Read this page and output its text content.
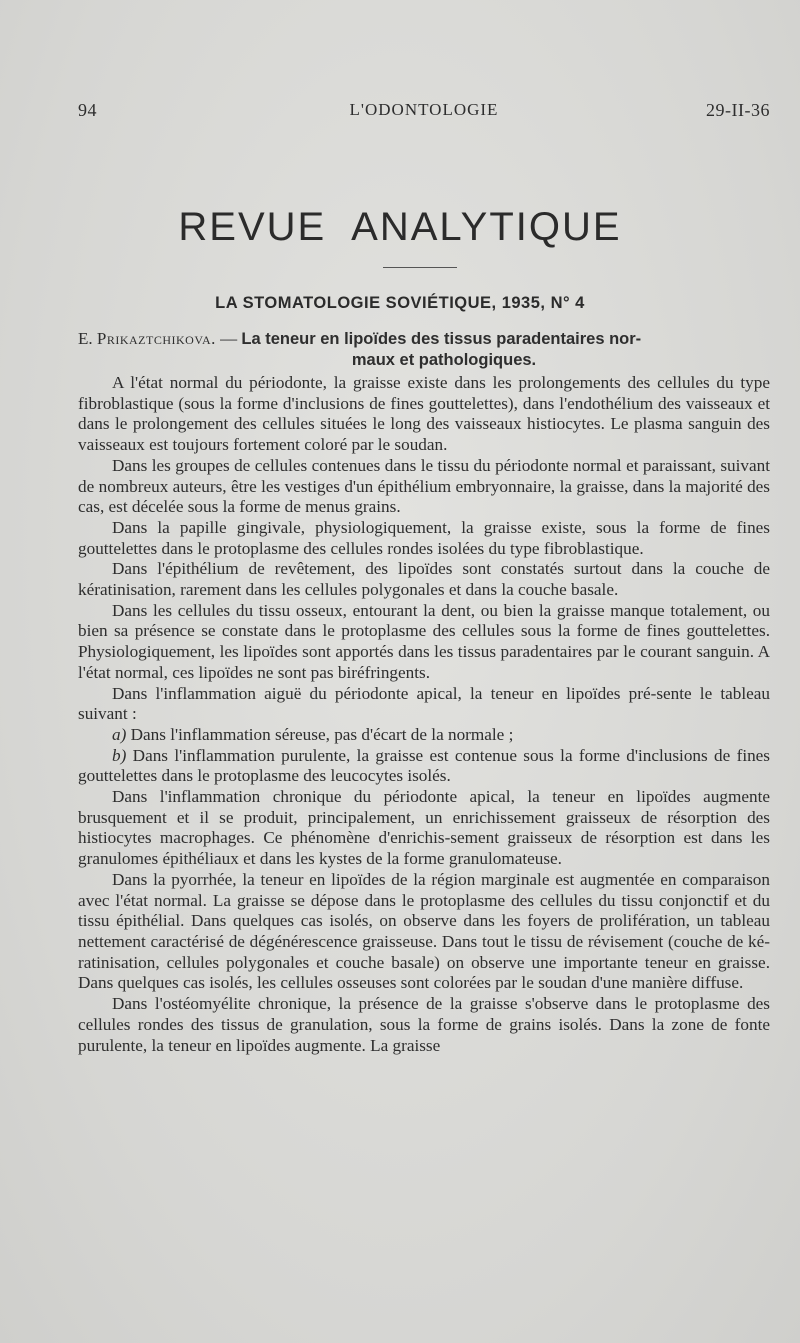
L'ODONTOLOGIE
94	29-II-36
REVUE ANALYTIQUE
LA STOMATOLOGIE SOVIÉTIQUE, 1935, N° 4
E. Prikaztchikova. — La teneur en lipoïdes des tissus paradentaires nor-
maux et pathologiques.

A l'état normal du périodonte, la graisse existe dans les prolongements des cellules du type fibroblastique (sous la forme d'inclusions de fines gouttelettes), dans l'endothélium des vaisseaux et dans le prolongement des cellules situées le long des vaisseaux histiocytes. Le plasma sanguin des vaisseaux est toujours fortement coloré par le soudan.

Dans les groupes de cellules contenues dans le tissu du périodonte normal et paraissant, suivant de nombreux auteurs, être les vestiges d'un épithélium embryonnaire, la graisse, dans la majorité des cas, est décelée sous la forme de menus grains.

Dans la papille gingivale, physiologiquement, la graisse existe, sous la forme de fines gouttelettes dans le protoplasme des cellules rondes isolées du type fibroblastique.

Dans l'épithélium de revêtement, des lipoïdes sont constatés surtout dans la couche de kératinisation, rarement dans les cellules polygonales et dans la couche basale.

Dans les cellules du tissu osseux, entourant la dent, ou bien la graisse manque totalement, ou bien sa présence se constate dans le protoplasme des cellules sous la forme de fines gouttelettes. Physiologiquement, les lipoïdes sont apportés dans les tissus paradentaires par le courant sanguin. A l'état normal, ces lipoïdes ne sont pas biréfringents.

Dans l'inflammation aiguë du périodonte apical, la teneur en lipoïdes pré-sente le tableau suivant :

a) Dans l'inflammation séreuse, pas d'écart de la normale ;

b) Dans l'inflammation purulente, la graisse est contenue sous la forme d'inclusions de fines gouttelettes dans le protoplasme des leucocytes isolés.

Dans l'inflammation chronique du périodonte apical, la teneur en lipoïdes augmente brusquement et il se produit, principalement, un enrichissement graisseux de résorption des histiocytes macrophages. Ce phénomène d'enrichis-sement graisseux de résorption est dans les granulomes épithéliaux et dans les kystes de la forme granulomateuse.

Dans la pyorrhée, la teneur en lipoïdes de la région marginale est augmentée en comparaison avec l'état normal. La graisse se dépose dans le protoplasme des cellules du tissu conjonctif et du tissu épithélial. Dans quelques cas isolés, on observe dans les foyers de prolifération, un tableau nettement caractérisé de dégénérescence graisseuse. Dans tout le tissu de révisement (couche de ké-ratinisation, cellules polygonales et couche basale) on observe une importante teneur en graisse. Dans quelques cas isolés, les cellules osseuses sont colorées par le soudan d'une manière diffuse.

Dans l'ostéomyélite chronique, la présence de la graisse s'observe dans le protoplasme des cellules rondes des tissus de granulation, sous la forme de grains isolés. Dans la zone de fonte purulente, la teneur en lipoïdes augmente. La graisse
